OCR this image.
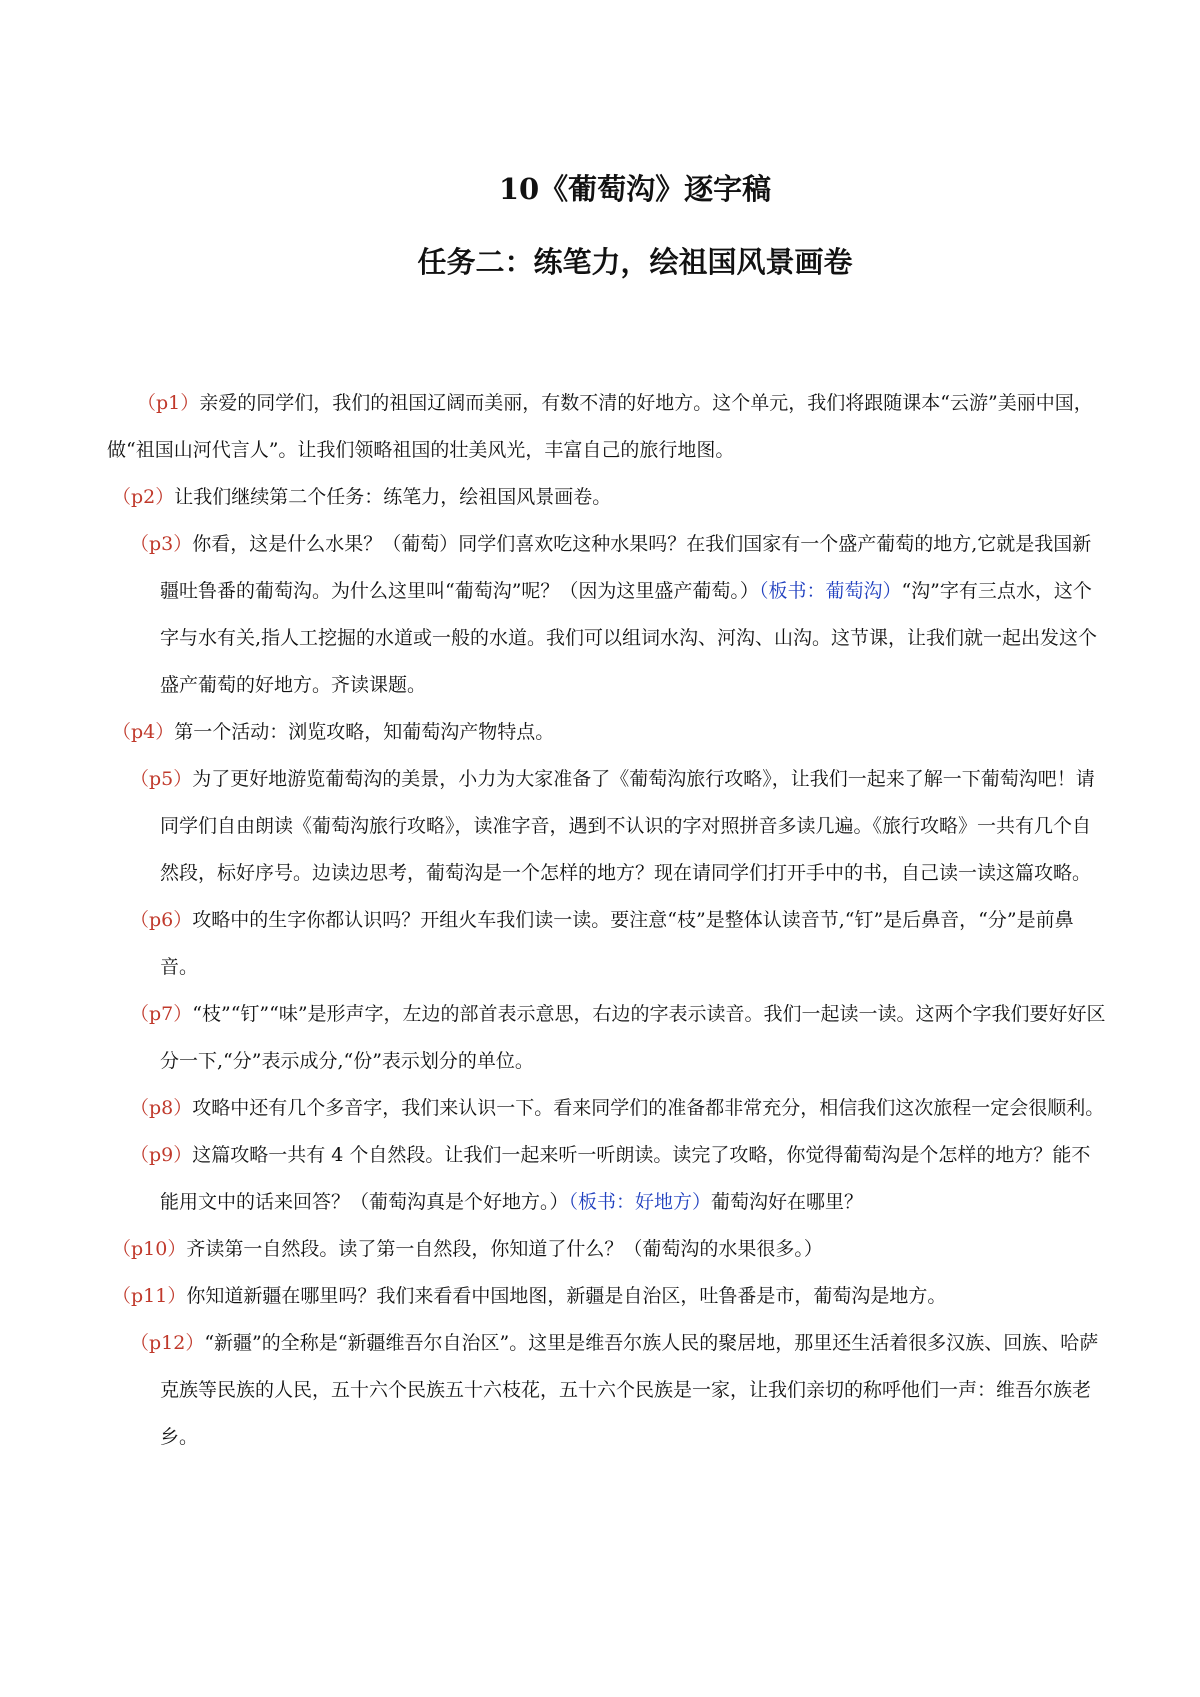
10《葡萄沟》逐字稿
任务二：练笔力，绘祖国风景画卷

（p1）亲爱的同学们，我们的祖国辽阔而美丽，有数不清的好地方。这个单元，我们将跟随课本“云游”美丽中国，做“祖国山河代言人”。让我们领略祖国的壮美风光，丰富自己的旅行地图。

（p2）让我们继续第二个任务：练笔力，绘祖国风景画卷。

（p3）你看，这是什么水果？（葡萄）同学们喜欢吃这种水果吗？在我们国家有一个盛产葡萄的地方,它就是我国新疆吐鲁番的葡萄沟。为什么这里叫“葡萄沟”呢？（因为这里盛产葡萄。）（板书：葡萄沟）“沟”字有三点水，这个字与水有关,指人工挖掘的水道或一般的水道。我们可以组词水沟、河沟、山沟。这节课，让我们就一起出发这个盛产葡萄的好地方。齐读课题。

（p4）第一个活动：浏览攻略，知葡萄沟产物特点。

（p5）为了更好地游览葡萄沟的美景，小力为大家准备了《葡萄沟旅行攻略》，让我们一起来了解一下葡萄沟吧！请同学们自由朗读《葡萄沟旅行攻略》，读准字音，遇到不认识的字对照拼音多读几遍。《旅行攻略》一共有几个自然段，标好序号。边读边思考，葡萄沟是一个怎样的地方？现在请同学们打开手中的书，自己读一读这篇攻略。

（p6）攻略中的生字你都认识吗？开组火车我们读一读。要注意“枝”是整体认读音节,“钉”是后鼻音，“分”是前鼻音。

（p7）“枝”“钉”“味”是形声字，左边的部首表示意思，右边的字表示读音。我们一起读一读。这两个字我们要好好区分一下,“分”表示成分,“份”表示划分的单位。

（p8）攻略中还有几个多音字，我们来认识一下。看来同学们的准备都非常充分，相信我们这次旅程一定会很顺利。

（p9）这篇攻略一共有 4 个自然段。让我们一起来听一听朗读。读完了攻略，你觉得葡萄沟是个怎样的地方？能不能用文中的话来回答？（葡萄沟真是个好地方。）（板书：好地方）葡萄沟好在哪里？

（p10）齐读第一自然段。读了第一自然段，你知道了什么？（葡萄沟的水果很多。）

（p11）你知道新疆在哪里吗？我们来看看中国地图，新疆是自治区，吐鲁番是市，葡萄沟是地方。

（p12）“新疆”的全称是“新疆维吾尔自治区”。这里是维吾尔族人民的聚居地，那里还生活着很多汉族、回族、哈萨克族等民族的人民，五十六个民族五十六枝花，五十六个民族是一家，让我们亲切的称呼他们一声：维吾尔族老乡。
